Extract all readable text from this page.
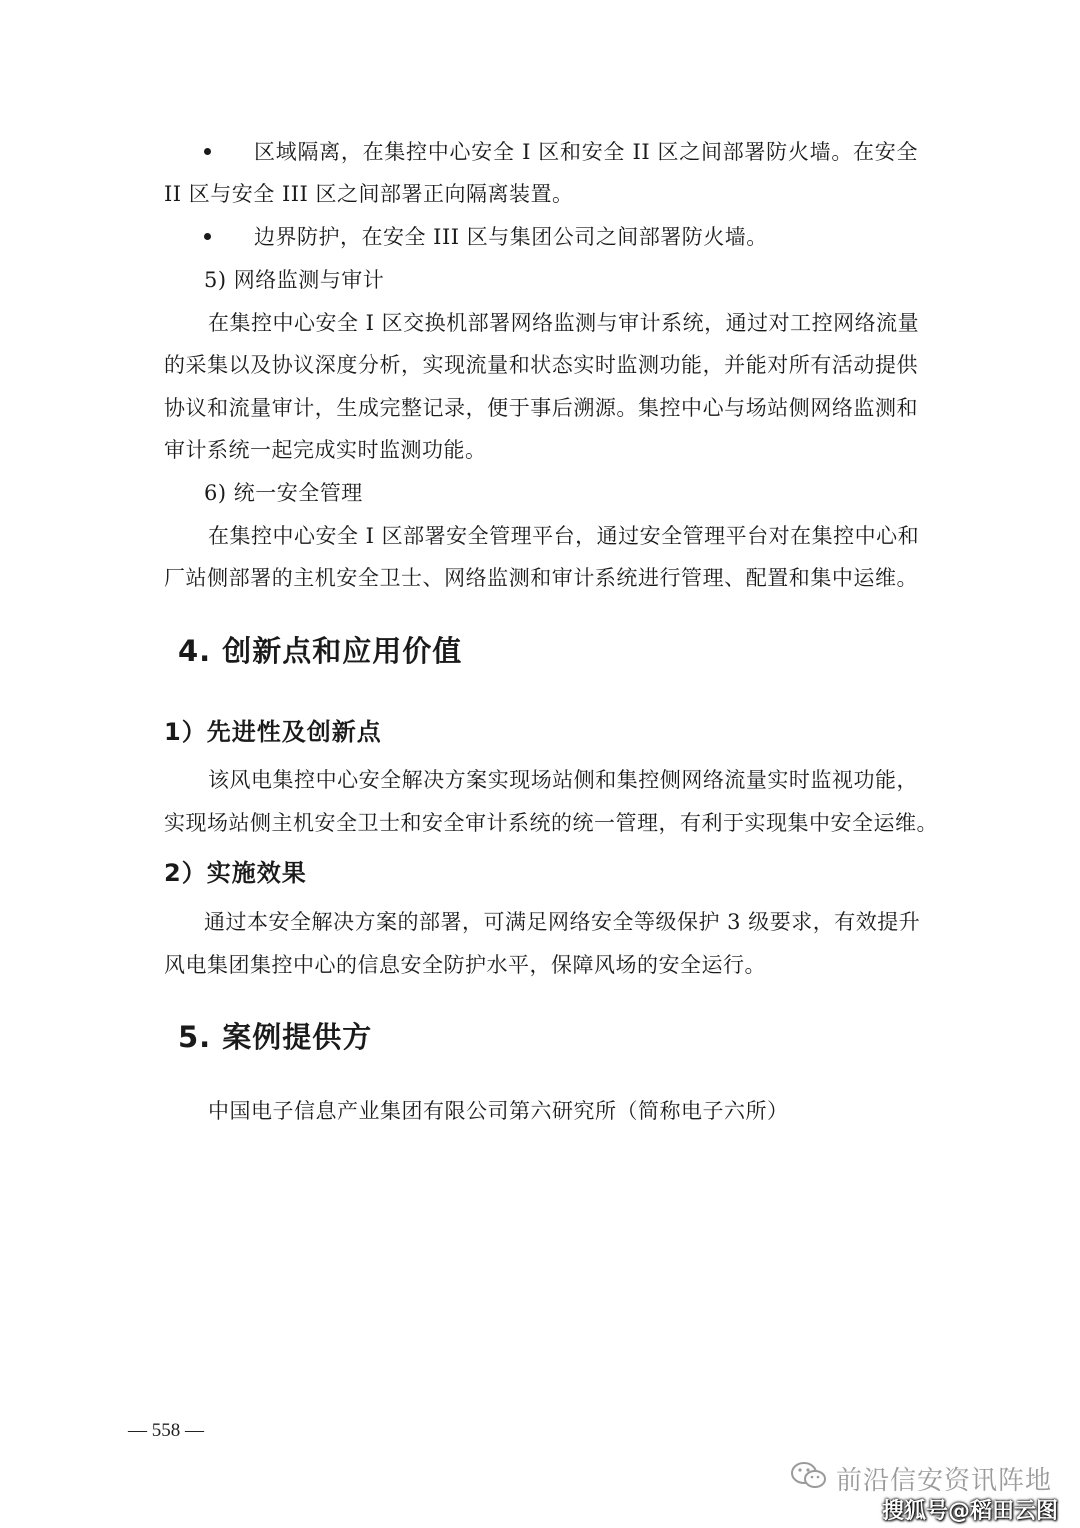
区域隔离，在集控中心安全 I 区和安全 II 区之间部署防火墙。在安全
II 区与安全 III 区之间部署正向隔离装置。
边界防护，在安全 III 区与集团公司之间部署防火墙。
5) 网络监测与审计
在集控中心安全 I 区交换机部署网络监测与审计系统，通过对工控网络流量
的采集以及协议深度分析，实现流量和状态实时监测功能，并能对所有活动提供
协议和流量审计，生成完整记录，便于事后溯源。集控中心与场站侧网络监测和
审计系统一起完成实时监测功能。
6) 统一安全管理
在集控中心安全 I 区部署安全管理平台，通过安全管理平台对在集控中心和
厂站侧部署的主机安全卫士、网络监测和审计系统进行管理、配置和集中运维。
4. 创新点和应用价值
1）先进性及创新点
该风电集控中心安全解决方案实现场站侧和集控侧网络流量实时监视功能，
实现场站侧主机安全卫士和安全审计系统的统一管理，有利于实现集中安全运维。
2）实施效果
通过本安全解决方案的部署，可满足网络安全等级保护 3 级要求，有效提升
风电集团集控中心的信息安全防护水平，保障风场的安全运行。
5. 案例提供方
中国电子信息产业集团有限公司第六研究所（简称电子六所）
— 558 —
前沿信安资讯阵地
搜狐号@稻田云图
